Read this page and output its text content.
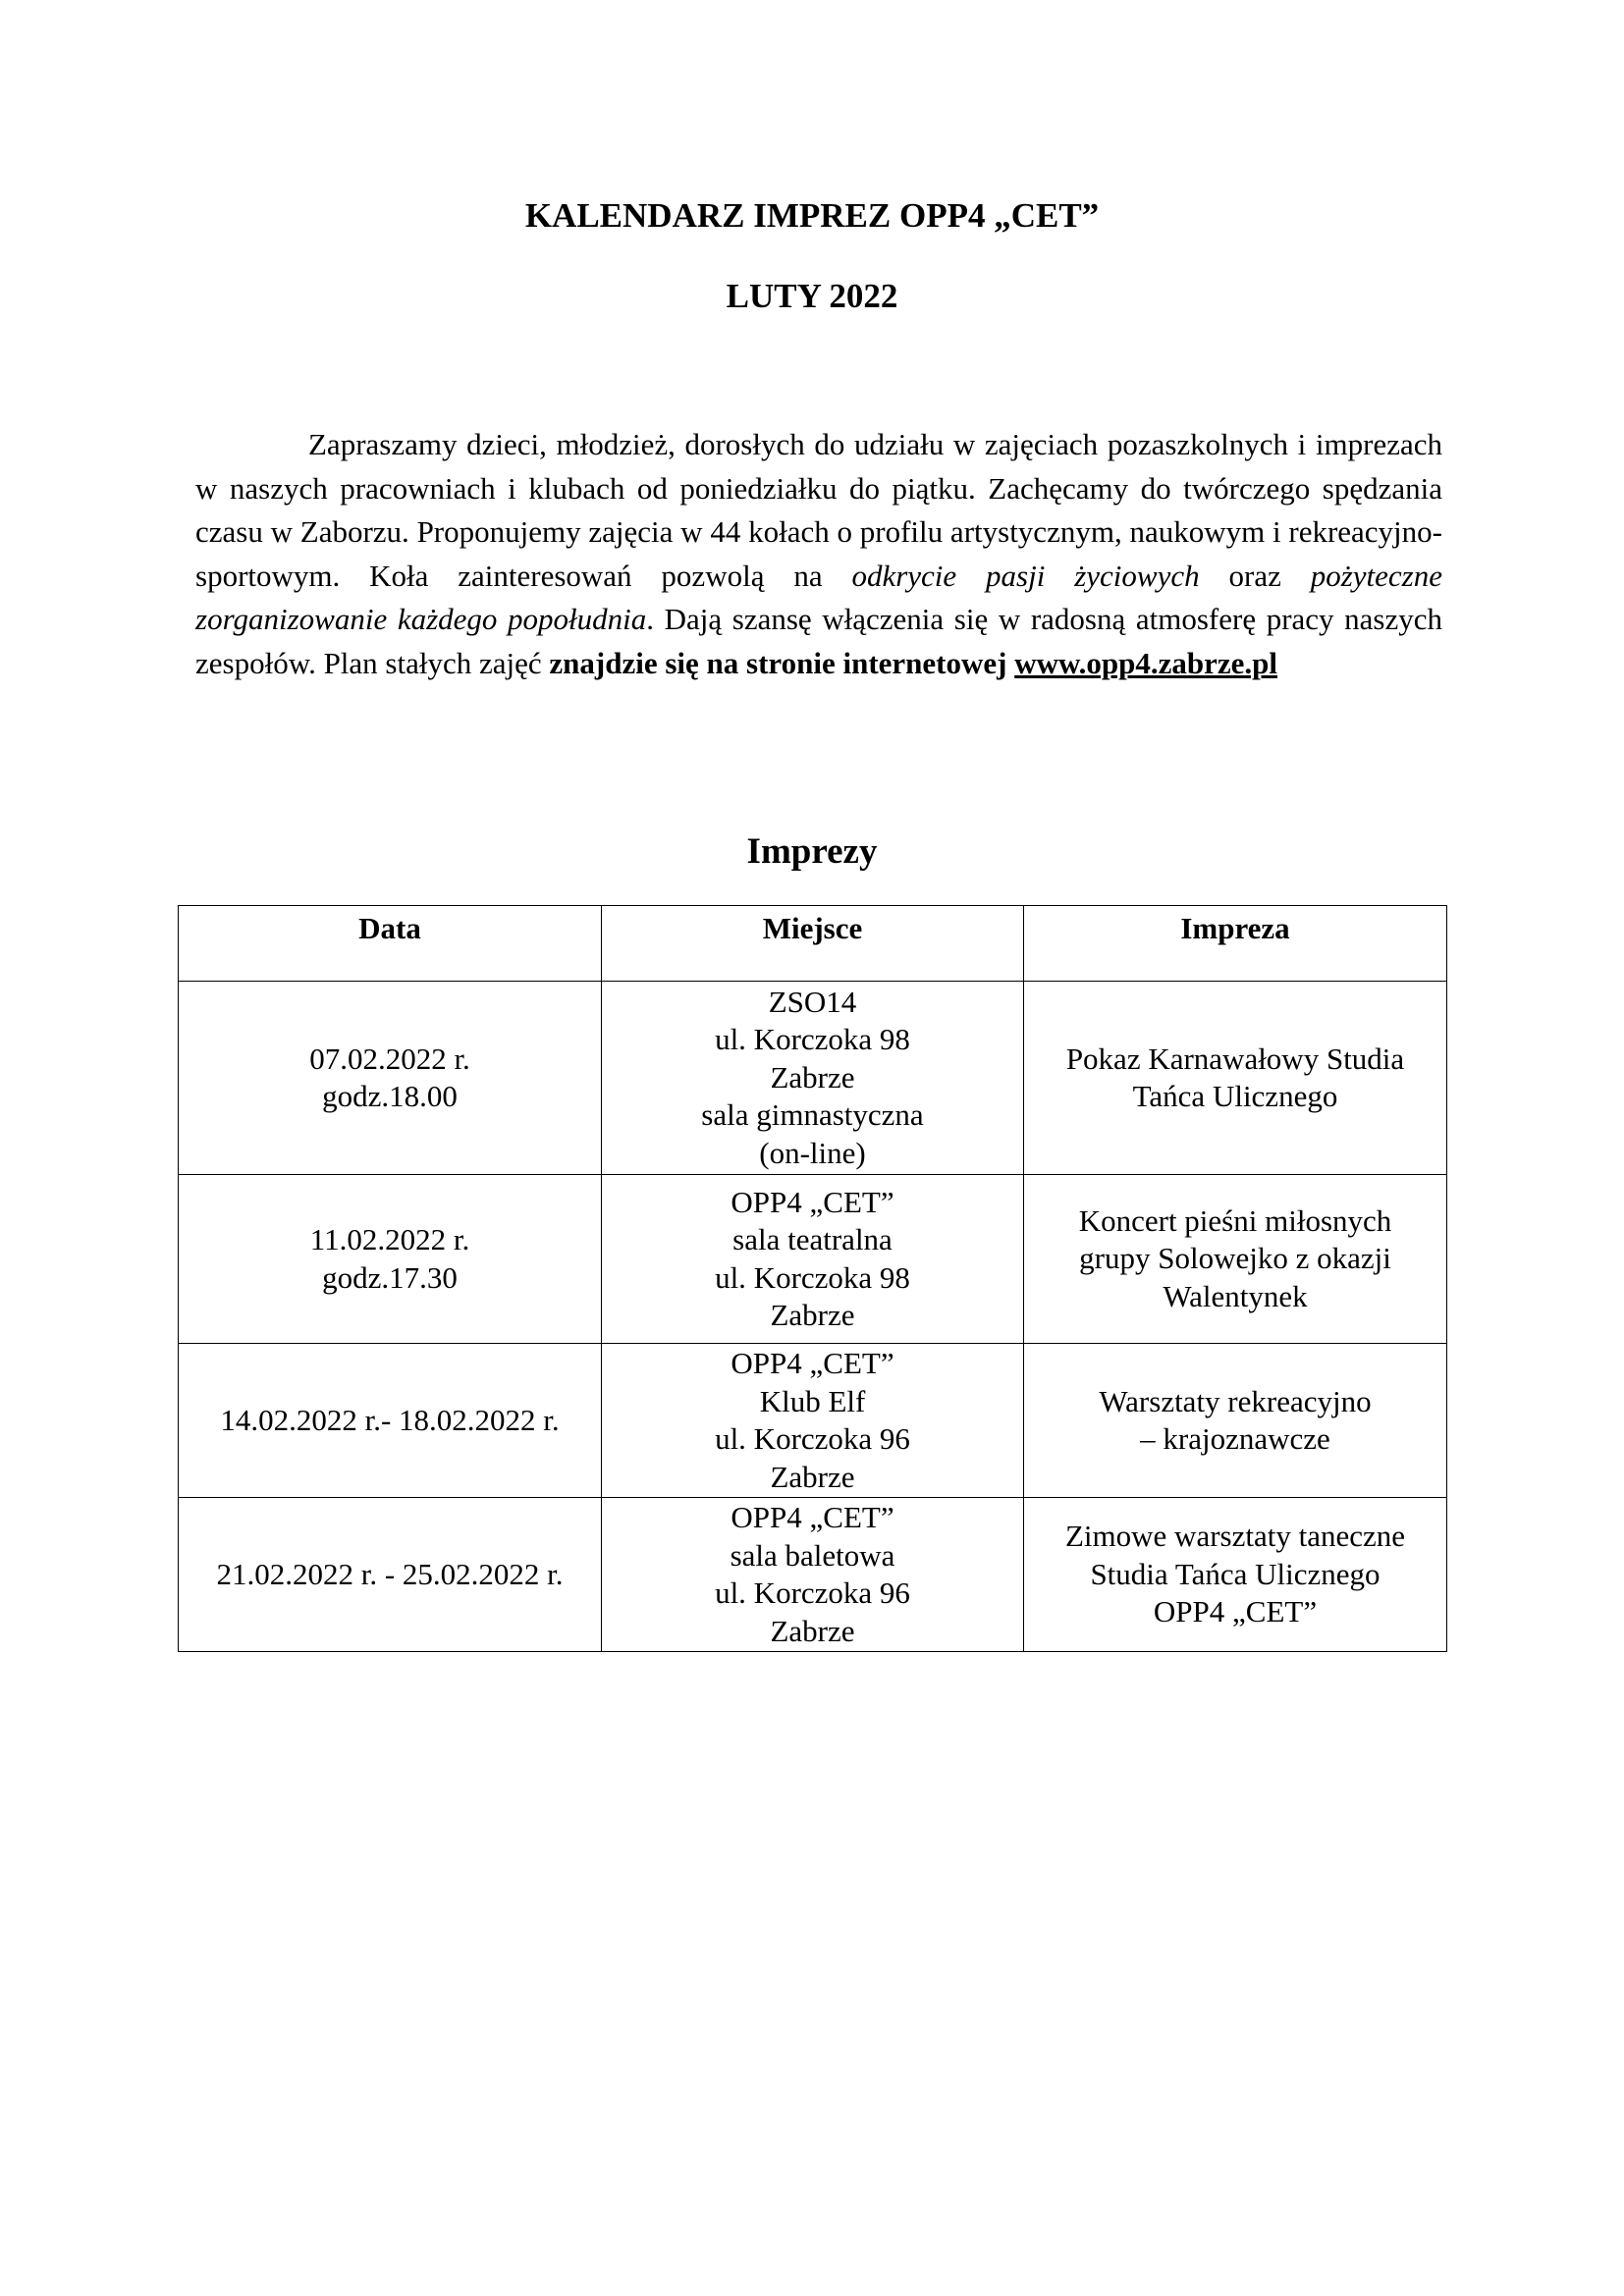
KALENDARZ IMPREZ OPP4 „CET”
LUTY 2022

Zapraszamy dzieci, młodzież, dorosłych do udziału w zajęciach pozaszkolnych i imprezach w naszych pracowniach i klubach od poniedziałku do piątku. Zachęcamy do twórczego spędzania czasu w Zaborzu. Proponujemy zajęcia w 44 kołach o profilu artystycznym, naukowym i rekreacyjno-sportowym. Koła zainteresowań pozwolą na odkrycie pasji życiowych oraz pożyteczne zorganizowanie każdego popołudnia. Dają szansę włączenia się w radosną atmosferę pracy naszych zespołów. Plan stałych zajęć znajdzie się na stronie internetowej www.opp4.zabrze.pl

Imprezy
Data	Miejsce	Impreza

07.02.2022 r.
godz.18.00	ZSO14
ul. Korczoka 98
Zabrze
sala gimnastyczna
(on-line)	Pokaz Karnawałowy Studia
Tańca Ulicznego

11.02.2022 r.
godz.17.30	OPP4 „CET”
sala teatralna
ul. Korczoka 98
Zabrze	Koncert pieśni miłosnych
grupy Solowejko z okazji
Walentynek

14.02.2022 r.- 18.02.2022 r.	OPP4 „CET”
Klub Elf
ul. Korczoka 96
Zabrze	Warsztaty rekreacyjno
– krajoznawcze

21.02.2022 r. - 25.02.2022 r.	OPP4 „CET”
sala baletowa
ul. Korczoka 96
Zabrze	Zimowe warsztaty taneczne
Studia Tańca Ulicznego
OPP4 „CET”
